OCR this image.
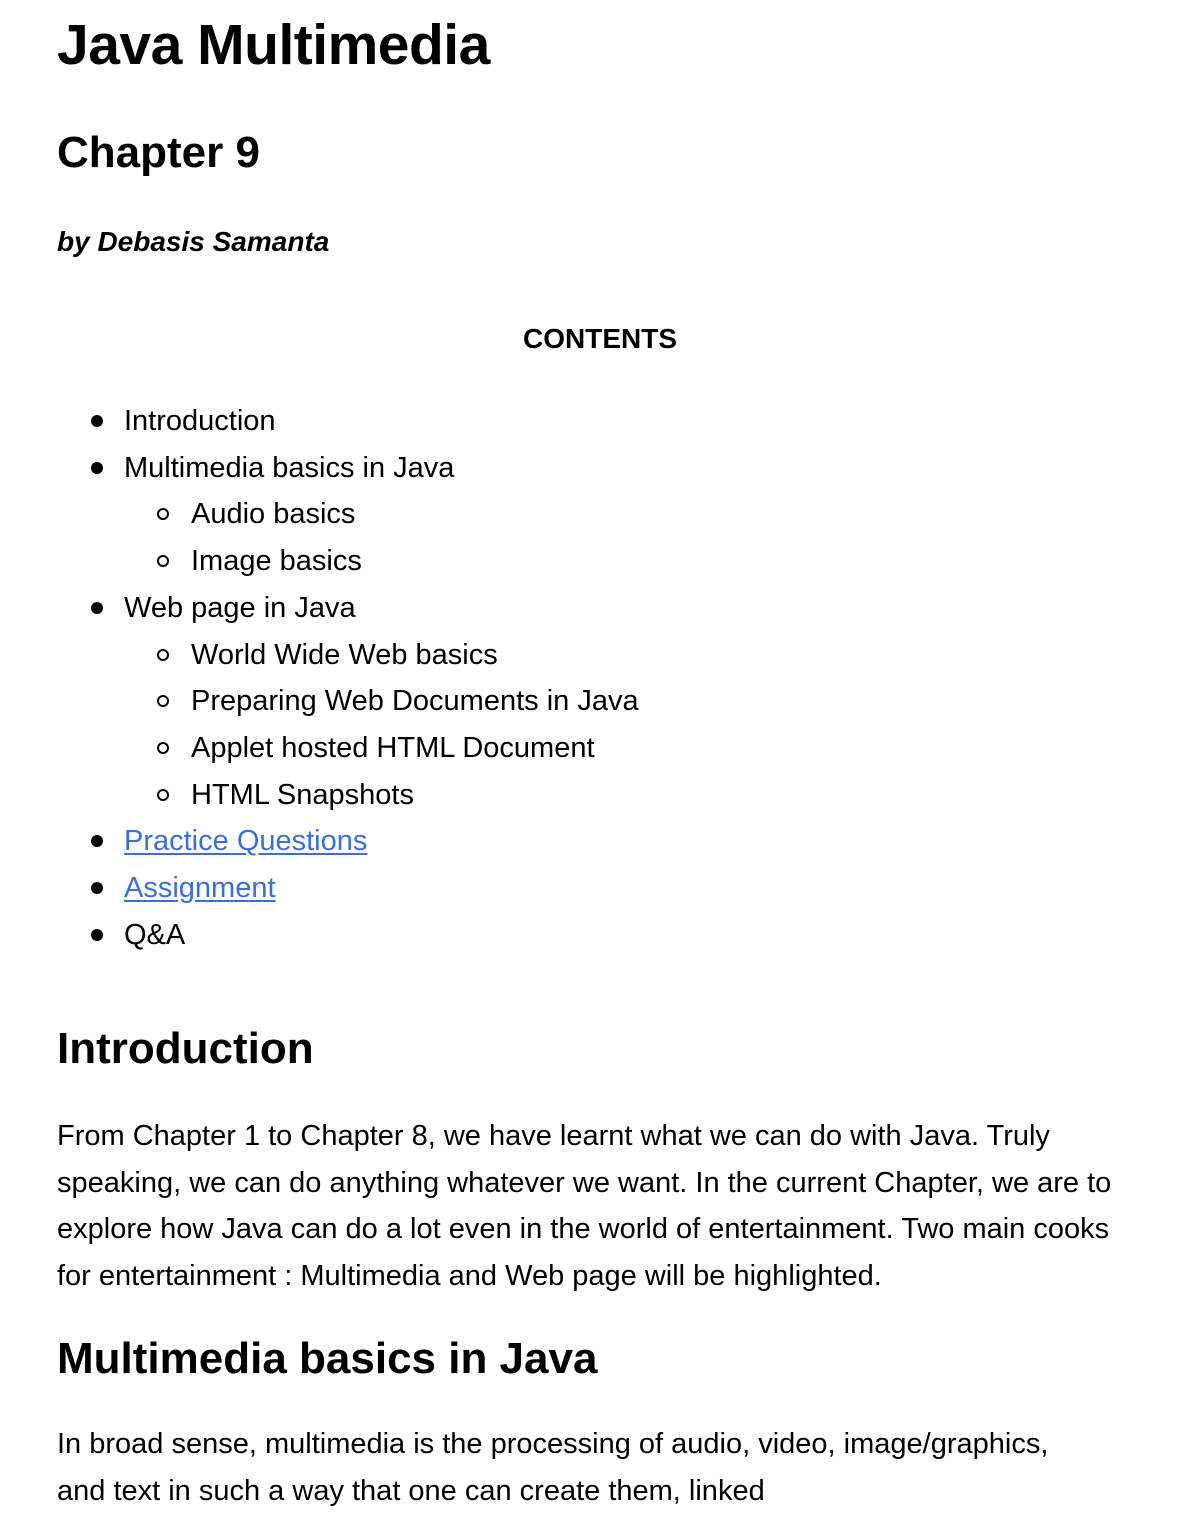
Java Multimedia
Chapter 9

by Debasis Samanta

CONTENTS

Introduction
Multimedia basics in Java
Audio basics
Image basics
Web page in Java
World Wide Web basics
Preparing Web Documents in Java
Applet hosted HTML Document
HTML Snapshots
Practice Questions
Assignment
Q&A
Introduction

From Chapter 1 to Chapter 8, we have learnt what we can do with Java. Truly speaking, we can do anything whatever we want. In the current Chapter, we are to explore how Java can do a lot even in the world of entertainment. Two main cooks for entertainment : Multimedia and Web page will be highlighted.

Multimedia basics in Java

In broad sense, multimedia is the processing of audio, video, image/graphics, and text in such a way that one can create them, linked
